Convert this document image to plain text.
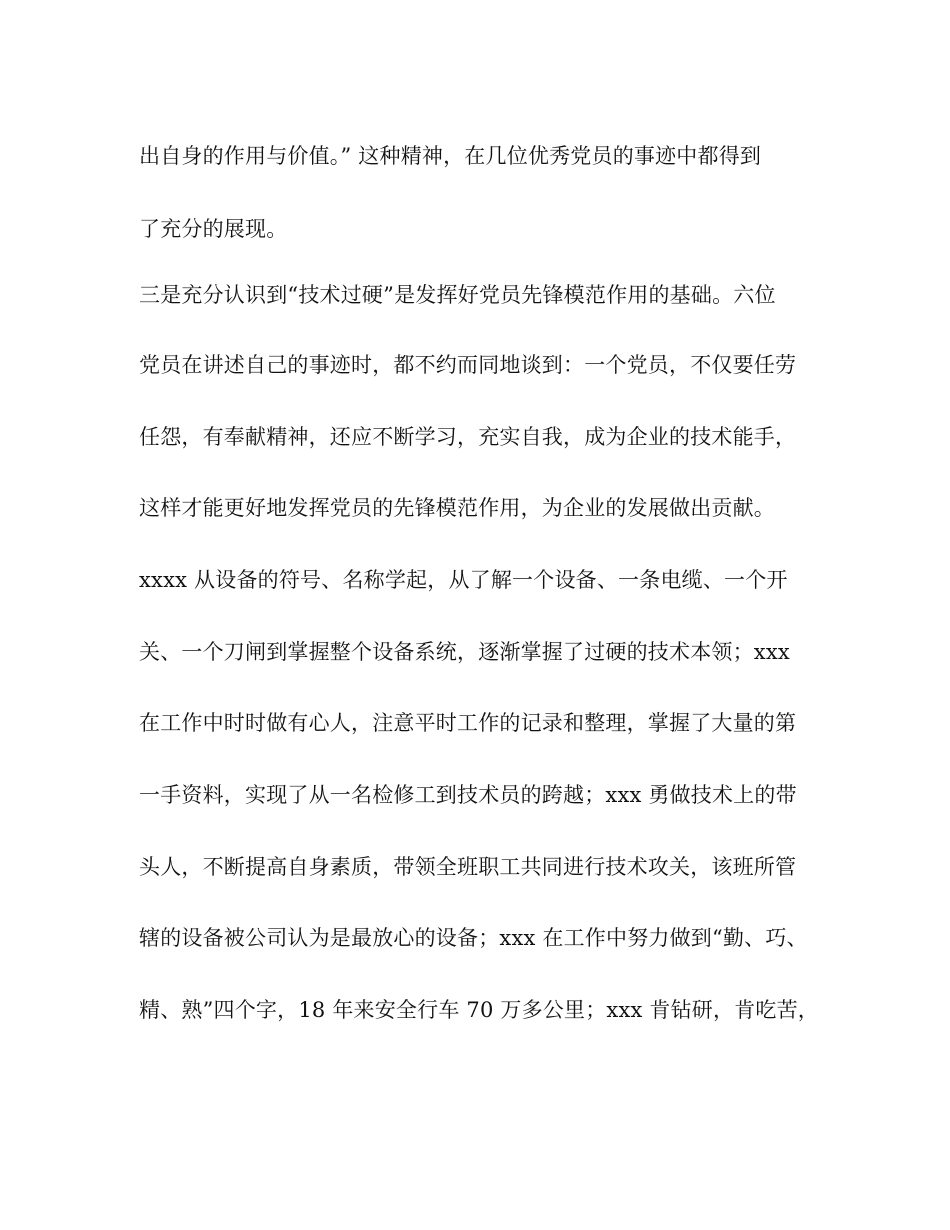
出自身的作用与价值。” 这种精神，在几位优秀党员的事迹中都得到
了充分的展现。
三是充分认识到“技术过硬”是发挥好党员先锋模范作用的基础。六位
党员在讲述自己的事迹时，都不约而同地谈到：一个党员，不仅要任劳
任怨，有奉献精神，还应不断学习，充实自我，成为企业的技术能手，
这样才能更好地发挥党员的先锋模范作用，为企业的发展做出贡献。
xxxx 从设备的符号、名称学起，从了解一个设备、一条电缆、一个开
关、一个刀闸到掌握整个设备系统，逐渐掌握了过硬的技术本领；xxx
在工作中时时做有心人，注意平时工作的记录和整理，掌握了大量的第
一手资料，实现了从一名检修工到技术员的跨越；xxx 勇做技术上的带
头人，不断提高自身素质，带领全班职工共同进行技术攻关，该班所管
辖的设备被公司认为是最放心的设备；xxx 在工作中努力做到“勤、巧、
精、熟”四个字，18 年来安全行车 70 万多公里；xxx 肯钻研，肯吃苦，
